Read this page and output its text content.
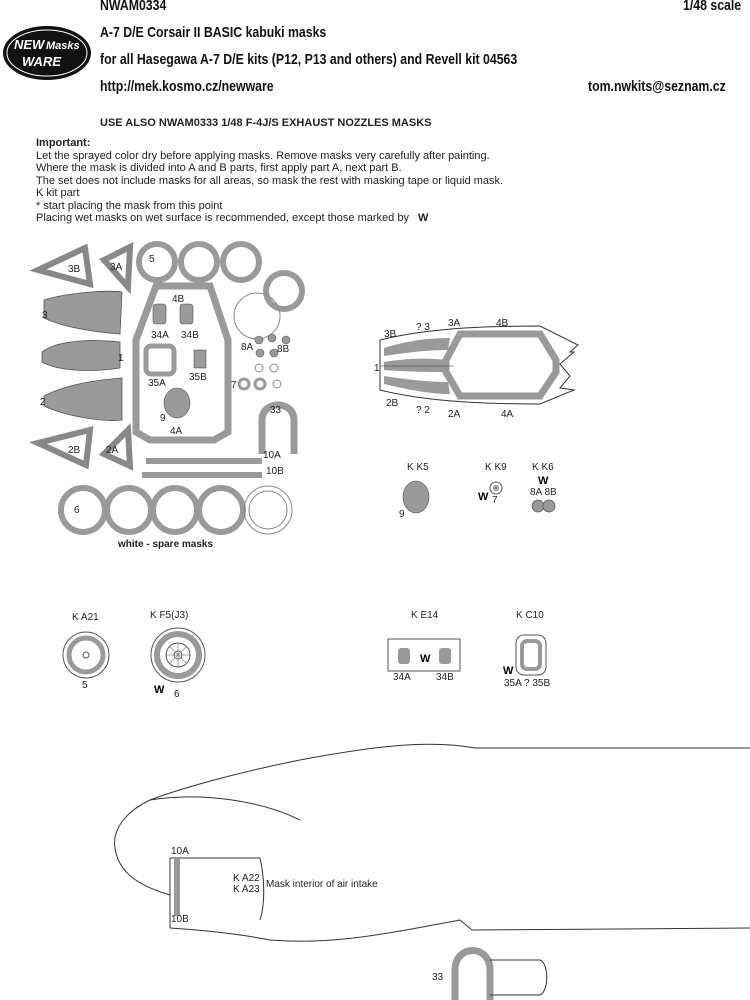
NWAM0334	1/48 scale
A-7 D/E Corsair II BASIC kabuki masks
for all Hasegawa A-7 D/E kits (P12, P13 and others) and Revell kit 04563
http://mek.kosmo.cz/newware	tom.nwkits@seznam.cz
NEW Masks
WARE
USE ALSO NWAM0333 1/48 F-4J/S EXHAUST NOZZLES MASKS
Important:
Let the sprayed color dry before applying masks. Remove masks very carefully after painting.
Where the mask is divided into A and B parts, first apply part A, next part B.
The set does not include masks for all areas, so mask the rest with masking tape or liquid mask.
K kit part
* start placing the mask from this point
Placing wet masks on wet surface is recommended, except those marked by W
3B	3A
5
4B
3
34A 34B
8A 8B
1
35A
35B
7
2
9
4A
33
2B	2A	10A
10B
6
white - spare masks
3B
? 3 3A	4B
1
2B
? 2 2A	4A
K K5
9
K K9
7
K K6
8A 8B
W
W
K A21
5
K F5(J3)
6
K E14
34A	34B
K C10
35A ? 35B
W
W
W
10A
10B
K A22
K A23 Mask interior of air intake
33
